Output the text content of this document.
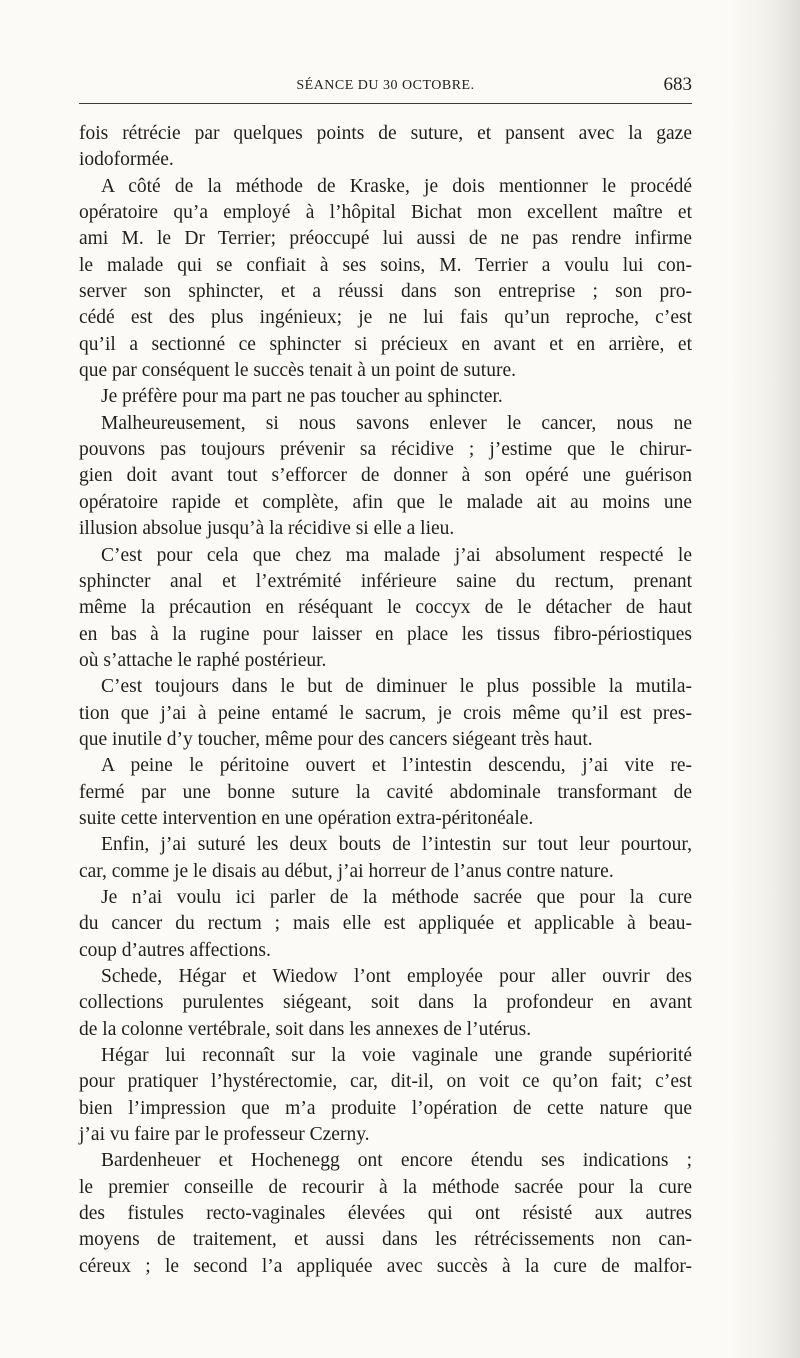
SÉANCE DU 30 OCTOBRE.	683
fois rétrécie par quelques points de suture, et pansent avec la gaze
iodoformée.
A côté de la méthode de Kraske, je dois mentionner le procédé
opératoire qu’a employé à l’hôpital Bichat mon excellent maître et
ami M. le Dr Terrier; préoccupé lui aussi de ne pas rendre infirme
le malade qui se confiait à ses soins, M. Terrier a voulu lui con-
server son sphincter, et a réussi dans son entreprise ; son pro-
cédé est des plus ingénieux; je ne lui fais qu’un reproche, c’est
qu’il a sectionné ce sphincter si précieux en avant et en arrière, et
que par conséquent le succès tenait à un point de suture.
Je préfère pour ma part ne pas toucher au sphincter.
Malheureusement, si nous savons enlever le cancer, nous ne
pouvons pas toujours prévenir sa récidive ; j’estime que le chirur-
gien doit avant tout s’efforcer de donner à son opéré une guérison
opératoire rapide et complète, afin que le malade ait au moins une
illusion absolue jusqu’à la récidive si elle a lieu.
C’est pour cela que chez ma malade j’ai absolument respecté le
sphincter anal et l’extrémité inférieure saine du rectum, prenant
même la précaution en réséquant le coccyx de le détacher de haut
en bas à la rugine pour laisser en place les tissus fibro-périostiques
où s’attache le raphé postérieur.
C’est toujours dans le but de diminuer le plus possible la mutila-
tion que j’ai à peine entamé le sacrum, je crois même qu’il est pres-
que inutile d’y toucher, même pour des cancers siégeant très haut.
A peine le péritoine ouvert et l’intestin descendu, j’ai vite re-
fermé par une bonne suture la cavité abdominale transformant de
suite cette intervention en une opération extra-péritonéale.
Enfin, j’ai suturé les deux bouts de l’intestin sur tout leur pourtour,
car, comme je le disais au début, j’ai horreur de l’anus contre nature.
Je n’ai voulu ici parler de la méthode sacrée que pour la cure
du cancer du rectum ; mais elle est appliquée et applicable à beau-
coup d’autres affections.
Schede, Hégar et Wiedow l’ont employée pour aller ouvrir des
collections purulentes siégeant, soit dans la profondeur en avant
de la colonne vertébrale, soit dans les annexes de l’utérus.
Hégar lui reconnaît sur la voie vaginale une grande supériorité
pour pratiquer l’hystérectomie, car, dit-il, on voit ce qu’on fait; c’est
bien l’impression que m’a produite l’opération de cette nature que
j’ai vu faire par le professeur Czerny.
Bardenheuer et Hochenegg ont encore étendu ses indications ;
le premier conseille de recourir à la méthode sacrée pour la cure
des fistules recto-vaginales élevées qui ont résisté aux autres
moyens de traitement, et aussi dans les rétrécissements non can-
céreux ; le second l’a appliquée avec succès à la cure de malfor-
